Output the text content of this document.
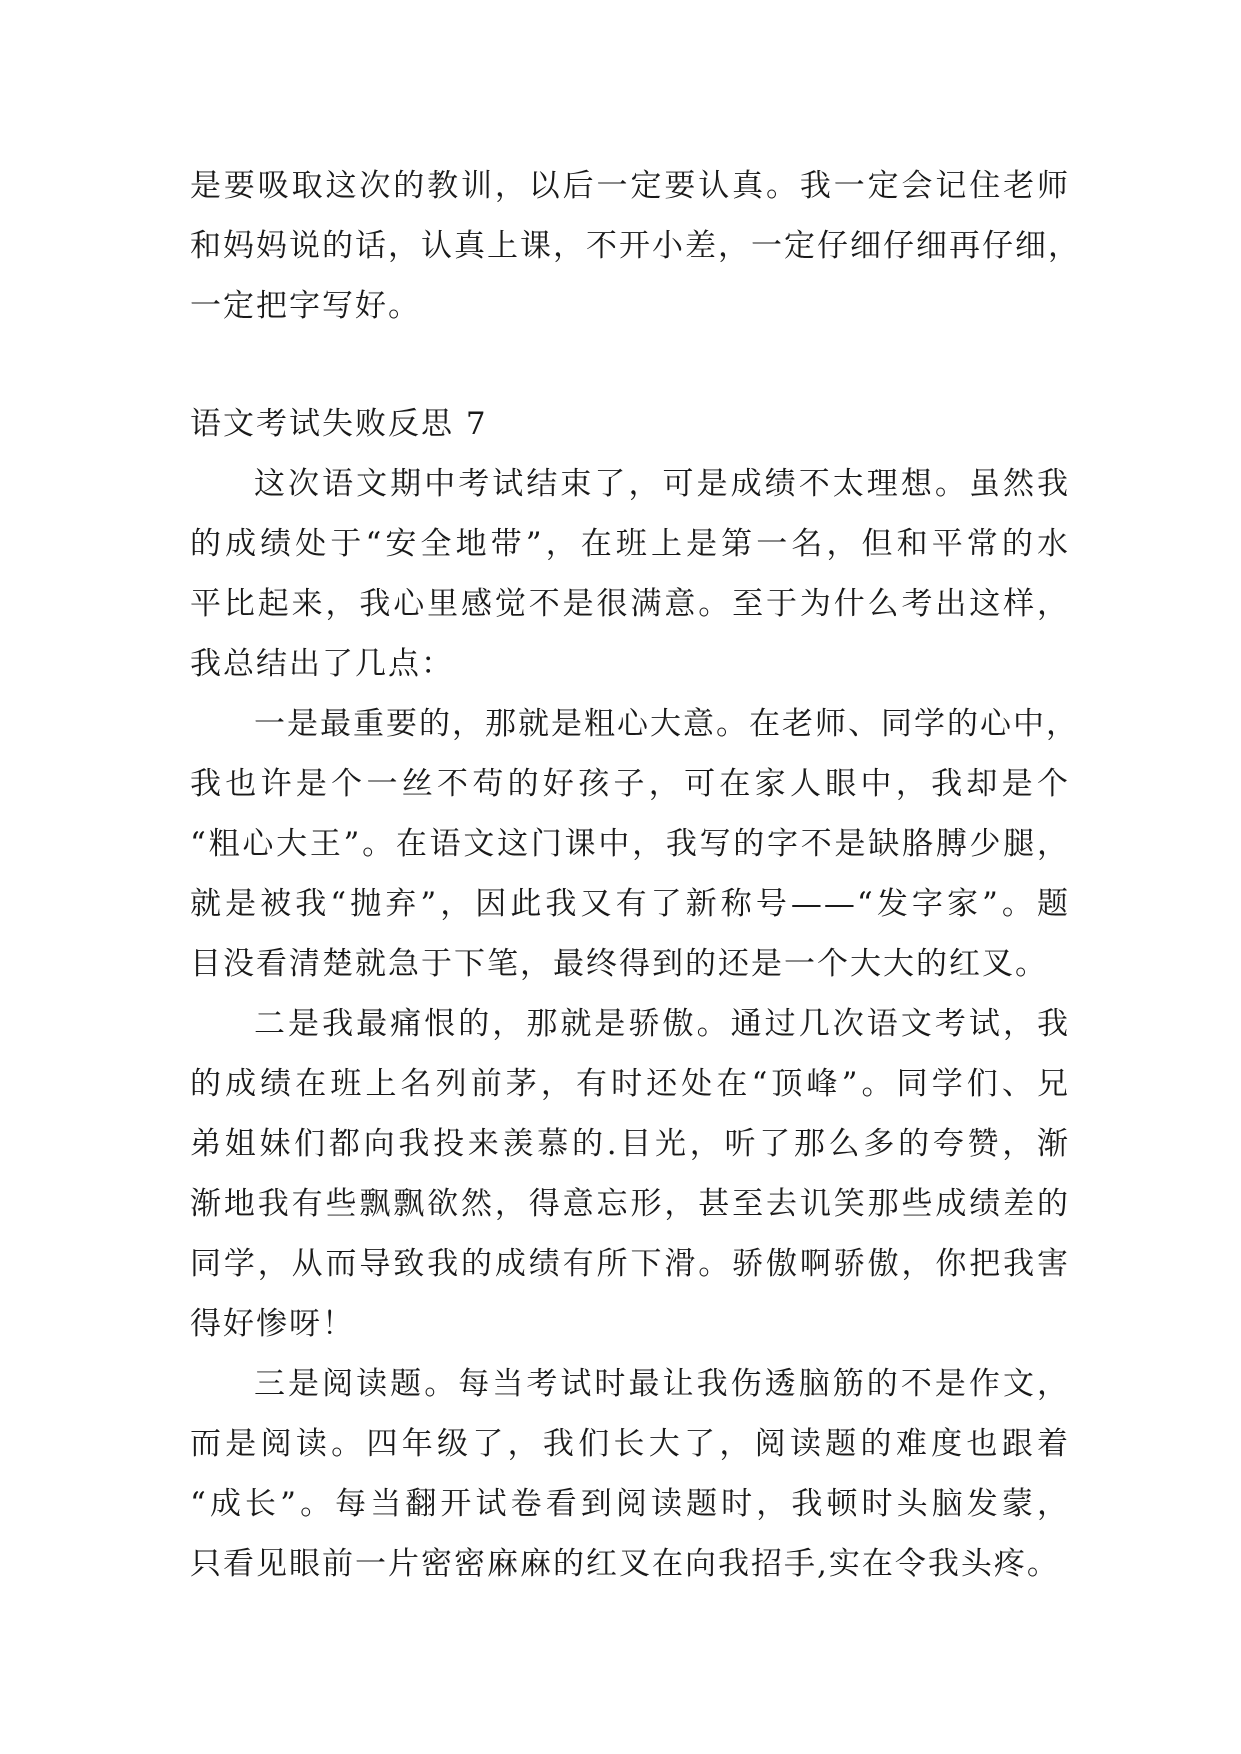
是要吸取这次的教训，以后一定要认真。我一定会记住老师
和妈妈说的话，认真上课，不开小差，一定仔细仔细再仔细，
一定把字写好。
语文考试失败反思 7
这次语文期中考试结束了，可是成绩不太理想。虽然我
的成绩处于“安全地带”，在班上是第一名，但和平常的水
平比起来，我心里感觉不是很满意。至于为什么考出这样，
我总结出了几点：
一是最重要的，那就是粗心大意。在老师、同学的心中，
我也许是个一丝不苟的好孩子，可在家人眼中，我却是个
“粗心大王”。在语文这门课中，我写的字不是缺胳膊少腿，
就是被我“抛弃”，因此我又有了新称号——“发字家”。题
目没看清楚就急于下笔，最终得到的还是一个大大的红叉。
二是我最痛恨的，那就是骄傲。通过几次语文考试，我
的成绩在班上名列前茅，有时还处在“顶峰”。同学们、兄
弟姐妹们都向我投来羡慕的.目光，听了那么多的夸赞，渐
渐地我有些飘飘欲然，得意忘形，甚至去讥笑那些成绩差的
同学，从而导致我的成绩有所下滑。骄傲啊骄傲，你把我害
得好惨呀！
三是阅读题。每当考试时最让我伤透脑筋的不是作文，
而是阅读。四年级了，我们长大了，阅读题的难度也跟着
“成长”。每当翻开试卷看到阅读题时，我顿时头脑发蒙，
只看见眼前一片密密麻麻的红叉在向我招手,实在令我头疼。
